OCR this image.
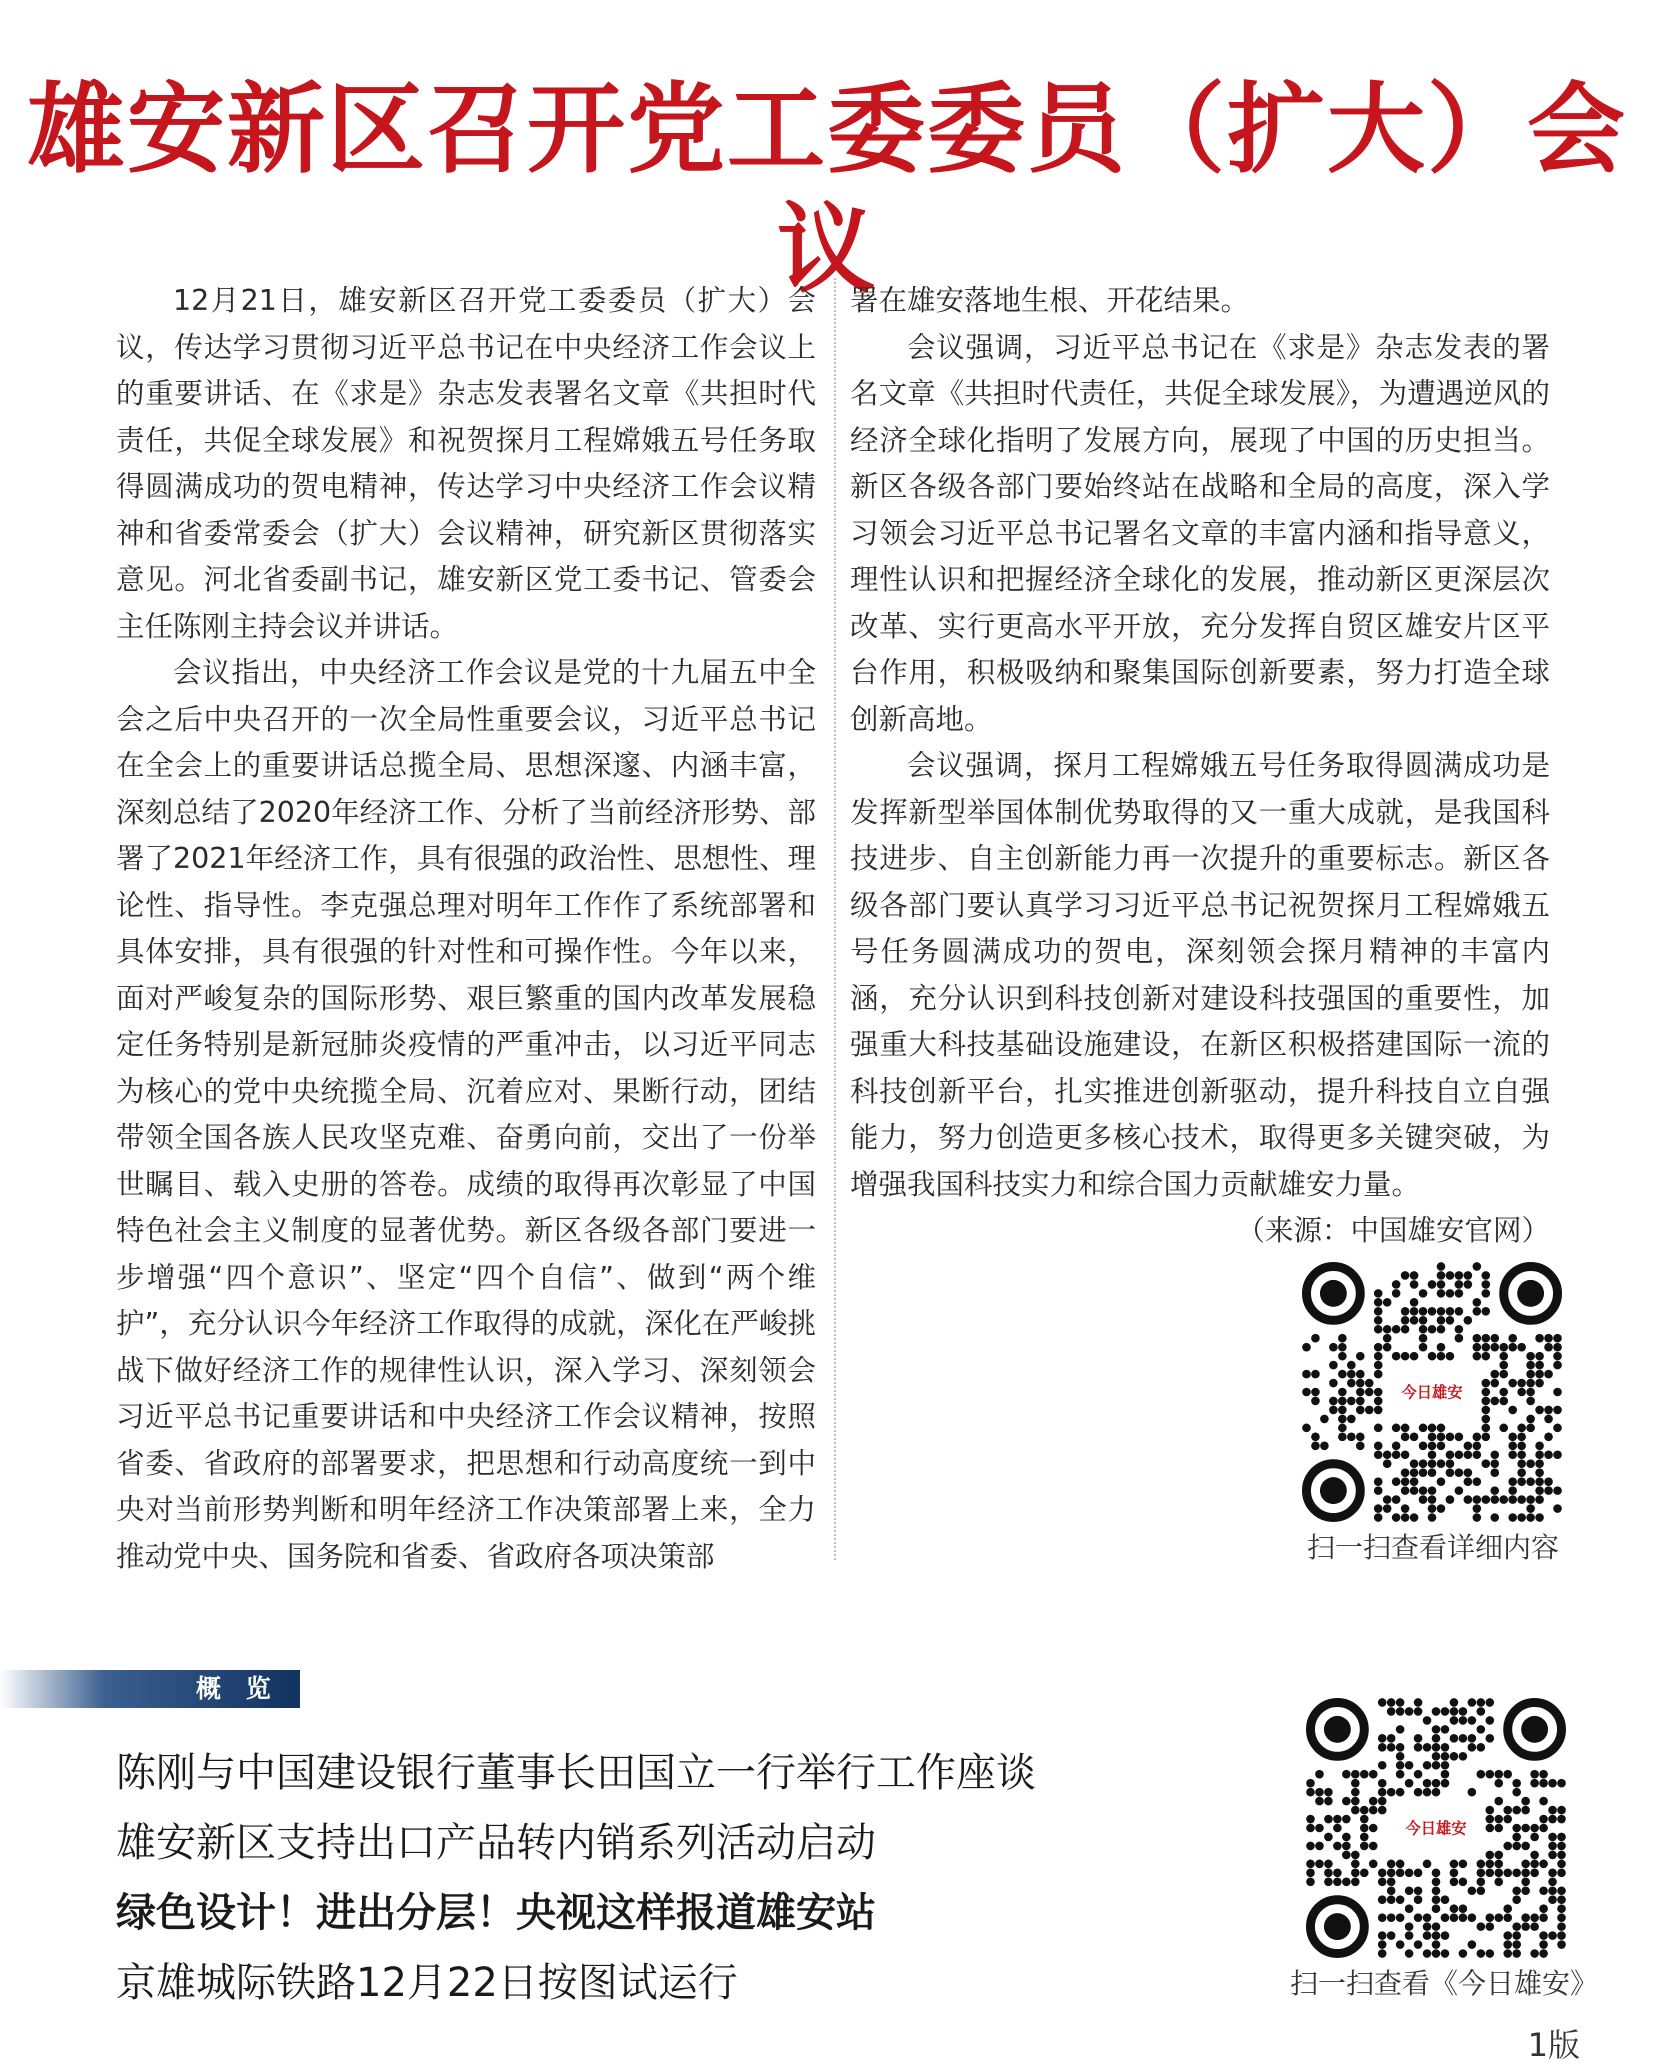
雄安新区召开党工委委员（扩大）会议

12月21日，雄安新区召开党工委委员（扩大）会议，传达学习贯彻习近平总书记在中央经济工作会议上的重要讲话、在《求是》杂志发表署名文章《共担时代责任，共促全球发展》和祝贺探月工程嫦娥五号任务取得圆满成功的贺电精神，传达学习中央经济工作会议精神和省委常委会（扩大）会议精神，研究新区贯彻落实意见。河北省委副书记，雄安新区党工委书记、管委会主任陈刚主持会议并讲话。

会议指出，中央经济工作会议是党的十九届五中全会之后中央召开的一次全局性重要会议，习近平总书记在全会上的重要讲话总揽全局、思想深邃、内涵丰富，深刻总结了2020年经济工作、分析了当前经济形势、部署了2021年经济工作，具有很强的政治性、思想性、理论性、指导性。李克强总理对明年工作作了系统部署和具体安排，具有很强的针对性和可操作性。今年以来，面对严峻复杂的国际形势、艰巨繁重的国内改革发展稳定任务特别是新冠肺炎疫情的严重冲击，以习近平同志为核心的党中央统揽全局、沉着应对、果断行动，团结带领全国各族人民攻坚克难、奋勇向前，交出了一份举世瞩目、载入史册的答卷。成绩的取得再次彰显了中国特色社会主义制度的显著优势。新区各级各部门要进一步增强“四个意识”、坚定“四个自信”、做到“两个维护”，充分认识今年经济工作取得的成就，深化在严峻挑战下做好经济工作的规律性认识，深入学习、深刻领会习近平总书记重要讲话和中央经济工作会议精神，按照省委、省政府的部署要求，把思想和行动高度统一到中央对当前形势判断和明年经济工作决策部署上来，全力推动党中央、国务院和省委、省政府各项决策部

署在雄安落地生根、开花结果。

会议强调，习近平总书记在《求是》杂志发表的署名文章《共担时代责任，共促全球发展》，为遭遇逆风的经济全球化指明了发展方向，展现了中国的历史担当。新区各级各部门要始终站在战略和全局的高度，深入学习领会习近平总书记署名文章的丰富内涵和指导意义，理性认识和把握经济全球化的发展，推动新区更深层次改革、实行更高水平开放，充分发挥自贸区雄安片区平台作用，积极吸纳和聚集国际创新要素，努力打造全球创新高地。

会议强调，探月工程嫦娥五号任务取得圆满成功是发挥新型举国体制优势取得的又一重大成就，是我国科技进步、自主创新能力再一次提升的重要标志。新区各级各部门要认真学习习近平总书记祝贺探月工程嫦娥五号任务圆满成功的贺电，深刻领会探月精神的丰富内涵，充分认识到科技创新对建设科技强国的重要性，加强重大科技基础设施建设，在新区积极搭建国际一流的科技创新平台，扎实推进创新驱动，提升科技自立自强能力，努力创造更多核心技术，取得更多关键突破，为增强我国科技实力和综合国力贡献雄安力量。
（来源：中国雄安官网）

今日雄安
扫一扫查看详细内容
概 览
陈刚与中国建设银行董事长田国立一行举行工作座谈
雄安新区支持出口产品转内销系列活动启动
绿色设计！进出分层！央视这样报道雄安站
京雄城际铁路12月22日按图试运行
今日雄安
扫一扫查看《今日雄安》
1版
